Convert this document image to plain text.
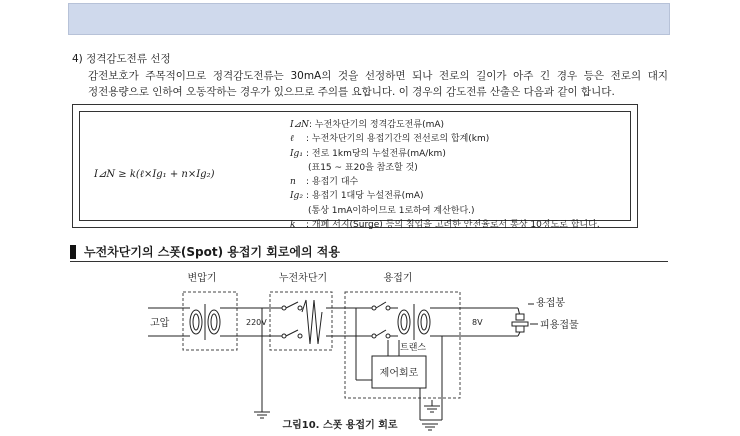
4) 정격감도전류 선정
감전보호가 주목적이므로 정격감도전류는 30mA의 것을 선정하면 되나 전로의 길이가 아주 긴 경우 등은 전로의 대지
정전용량으로 인하여 오동작하는 경우가 있으므로 주의를 요합니다. 이 경우의 감도전류 산출은 다음과 같이 합니다.
I⊿N ≥ k(ℓ×Ig₁ + n×Ig₂)
I⊿N: 누전차단기의 정격감도전류(mA)
ℓ : 누전차단기의 용접기간의 전선로의 합계(km)
Ig₁ : 전로 1km당의 누설전류(mA/km)
(표15 ~ 표20을 참조할 것)
n : 용접기 대수
Ig₂ : 용접기 1대당 누설전류(mA)
(통상 1mA이하이므로 1로하여 계산한다.)
k : 개폐 서지(Surge) 등의 침입을 고려한 안전율로서 통상 10정도로 합니다.
누전차단기의 스폿(Spot) 용접기 회로에의 적용
변압기	누전차단기	용접기
고압	220V
트랜스
제어회로
8V
용접봉
피용접물
그림10. 스폿 용접기 회로
